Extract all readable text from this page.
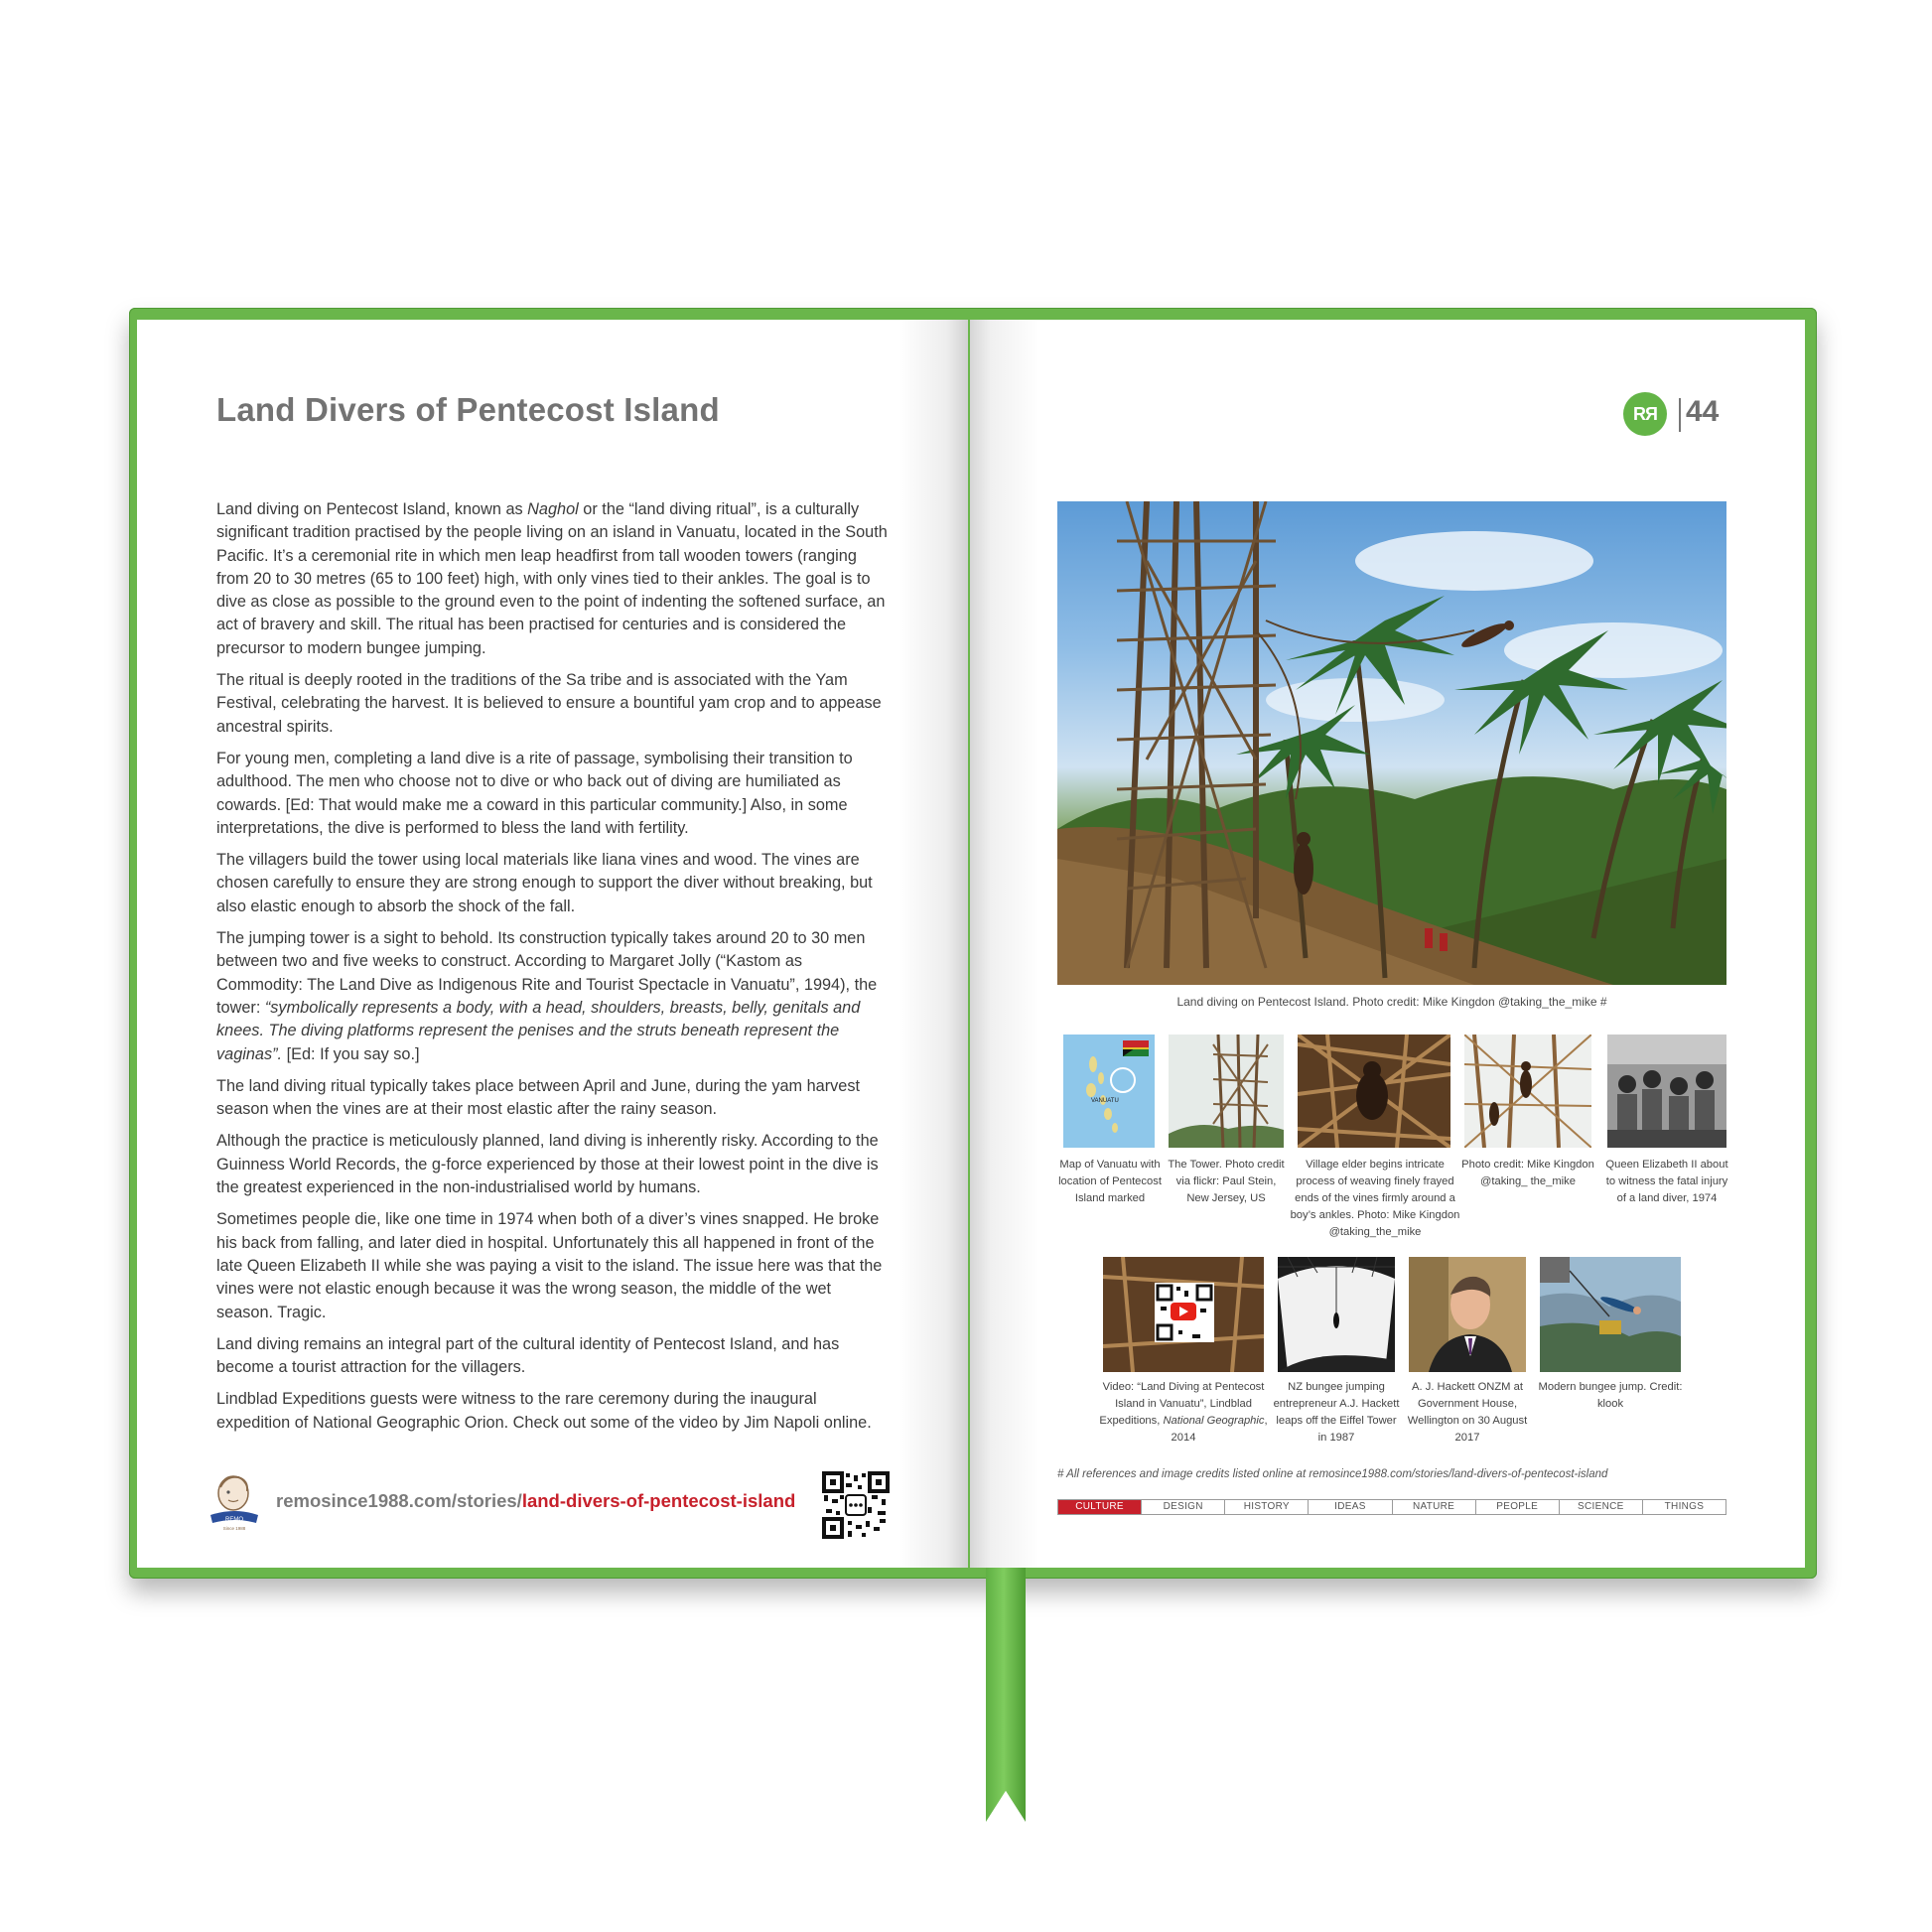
Land Divers of Pentecost Island

Land diving on Pentecost Island, known as Naghol or the “land diving ritual”, is a culturally significant tradition practised by the people living on an island in Vanuatu, located in the South Pacific. It’s a ceremonial rite in which men leap headfirst from tall wooden towers (ranging from 20 to 30 metres (65 to 100 feet) high, with only vines tied to their ankles. The goal is to dive as close as possible to the ground even to the point of indenting the softened surface, an act of bravery and skill. The ritual has been practised for centuries and is considered the precursor to modern bungee jumping.

The ritual is deeply rooted in the traditions of the Sa tribe and is associated with the Yam Festival, celebrating the harvest. It is believed to ensure a bountiful yam crop and to appease ancestral spirits.

For young men, completing a land dive is a rite of passage, symbolising their transition to adulthood. The men who choose not to dive or who back out of diving are humiliated as cowards. [Ed: That would make me a coward in this particular community.] Also, in some interpretations, the dive is performed to bless the land with fertility.

The villagers build the tower using local materials like liana vines and wood. The vines are chosen carefully to ensure they are strong enough to support the diver without breaking, but also elastic enough to absorb the shock of the fall.

The jumping tower is a sight to behold. Its construction typically takes around 20 to 30 men between two and five weeks to construct. According to Margaret Jolly (“Kastom as Commodity: The Land Dive as Indigenous Rite and Tourist Spectacle in Vanuatu”, 1994), the tower: “symbolically represents a body, with a head, shoulders, breasts, belly, genitals and knees. The diving platforms represent the penises and the struts beneath represent the vaginas”. [Ed: If you say so.]

The land diving ritual typically takes place between April and June, during the yam harvest season when the vines are at their most elastic after the rainy season.

Although the practice is meticulously planned, land diving is inherently risky. According to the Guinness World Records, the g-force experienced by those at their lowest point in the dive is the greatest experienced in the non-industrialised world by humans.

Sometimes people die, like one time in 1974 when both of a diver’s vines snapped. He broke his back from falling, and later died in hospital. Unfortunately this all happened in front of the late Queen Elizabeth II while she was paying a visit to the island. The issue here was that the vines were not elastic enough because it was the wrong season, the middle of the wet season. Tragic.

Land diving remains an integral part of the cultural identity of Pentecost Island, and has become a tourist attraction for the villagers.

Lindblad Expeditions guests were witness to the rare ceremony during the inaugural expedition of National Geographic Orion. Check out some of the video by Jim Napoli online.

REMO
Since 1988
remosince1988.com/stories/land-divers-of-pentecost-island
RЯ 44
Land diving on Pentecost Island. Photo credit: Mike Kingdon @taking_the_mike #
VANUATU
Map of Vanuatu with location of Pentecost Island marked
The Tower. Photo credit via flickr: Paul Stein, New Jersey, US
Village elder begins intricate process of weaving finely frayed ends of the vines firmly around a boy’s ankles. Photo: Mike Kingdon @taking_the_mike
Photo credit: Mike Kingdon @taking_ the_mike
Queen Elizabeth II about to witness the fatal injury of a land diver, 1974
Video: “Land Diving at Pentecost Island in Vanuatu”, Lindblad Expeditions, National Geographic, 2014
NZ bungee jumping entrepreneur A.J. Hackett leaps off the Eiffel Tower in 1987
A. J. Hackett ONZM at Government House, Wellington on 30 August 2017
Modern bungee jump. Credit: klook
# All references and image credits listed online at remosince1988.com/stories/land-divers-of-pentecost-island
CULTURE	DESIGN	HISTORY	IDEAS	NATURE	PEOPLE	SCIENCE	THINGS
